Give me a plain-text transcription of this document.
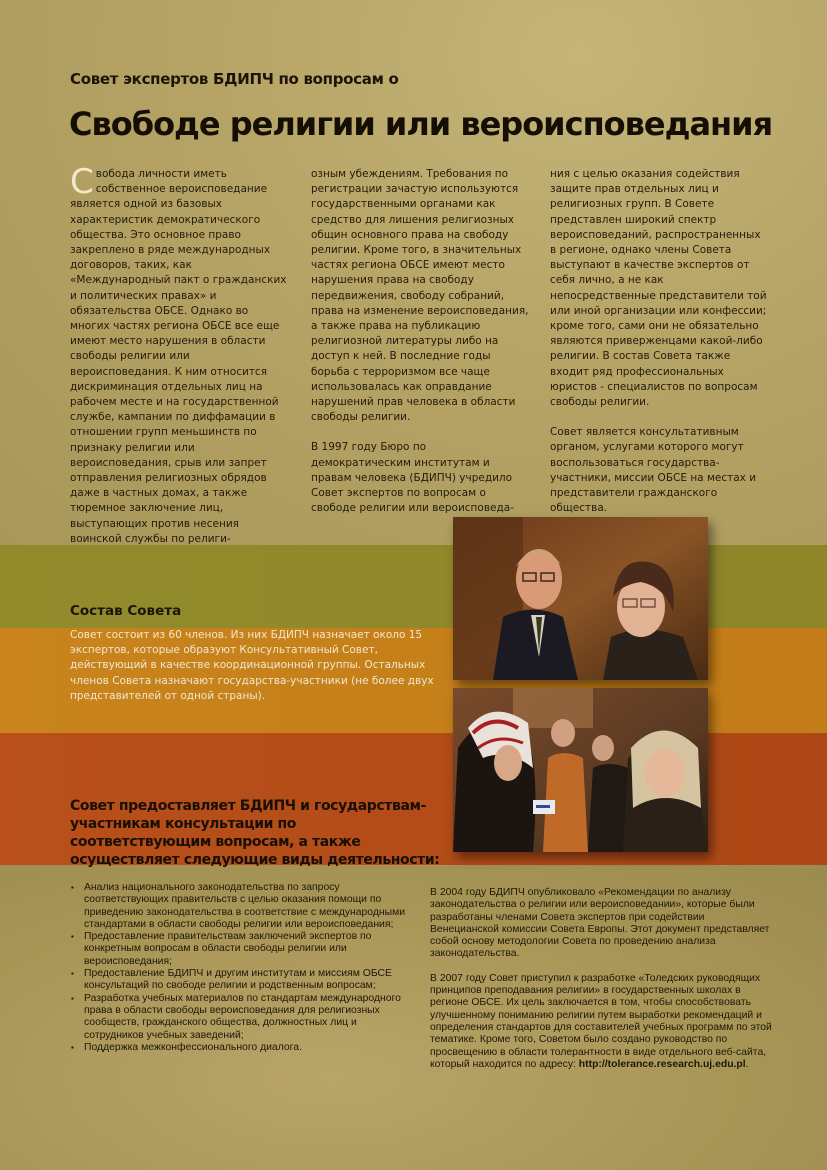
Совет экспертов БДИПЧ по вопросам о
Свободе религии или вероисповедания

Свобода личности иметь собственное вероисповедание является одной из базовых характеристик демократического общества. Это основное право закреплено в ряде международных договоров, таких, как «Международный пакт о гражданских и политических правах» и обязательства ОБСЕ. Однако во многих частях региона ОБСЕ все еще имеют место нарушения в области свободы религии или вероисповедания. К ним относится дискриминация отдельных лиц на рабочем месте и на государственной службе, кампании по диффамации в отношении групп меньшинств по признаку религии или вероисповедания, срыв или запрет отправления религиозных обрядов даже в частных домах, а также тюремное заключение лиц, выступающих против несения воинской службы по религи-

озным убеждениям. Требования по регистрации зачастую используются государственными органами как средство для лишения религиозных общин основного права на свободу религии. Кроме того, в значительных частях региона ОБСЕ имеют место нарушения права на свободу передвижения, свободу собраний, права на изменение вероисповедания, а также права на публикацию религиозной литературы либо на доступ к ней. В последние годы борьба с терроризмом все чаще использовалась как оправдание нарушений прав человека в области свободы религии.

В 1997 году Бюро по демократическим институтам и правам человека (БДИПЧ) учредило Совет экспертов по вопросам о свободе религии или вероисповеда-

ния с целью оказания содействия защите прав отдельных лиц и религиозных групп. В Совете представлен широкий спектр вероисповеданий, распространенных в регионе, однако члены Совета выступают в качестве экспертов от себя лично, а не как непосредственные представители той или иной организации или конфессии; кроме того, сами они не обязательно являются приверженцами какой-либо религии. В состав Совета также входит ряд профессиональных юристов - специалистов по вопросам свободы религии.

Совет является консультативным органом, услугами которого могут воспользоваться государства-участники, миссии ОБСЕ на местах и представители гражданского общества.

Состав Совета

Совет состоит из 60 членов. Из них БДИПЧ назначает около 15 экспертов, которые образуют Консультативный Совет, действующий в качестве координационной группы. Остальных членов Совета назначают государства-участники (не более двух представителей от одной страны).

Совет предоставляет БДИПЧ и государствам-участникам консультации по соответствующим вопросам, а также осуществляет следующие виды деятельности:

▪ Анализ национального законодательства по запросу соответствующих правительств с целью оказания помощи по приведению законодательства в соответствие с международными стандартами в области свободы религии или вероисповедания;
▪ Предоставление правительствам заключений экспертов по конкретным вопросам в области свободы религии или вероисповедания;
▪ Предоставление БДИПЧ и другим институтам и миссиям ОБСЕ консультаций по свободе религии и родственным вопросам;
▪ Разработка учебных материалов по стандартам международного права в области свободы вероисповедания для религиозных сообществ, гражданского общества, должностных лиц и сотрудников учебных заведений;
▪ Поддержка межконфессионального диалога.

В 2004 году БДИПЧ опубликовало «Рекомендации по анализу законодательства о религии или вероисповедании», которые были разработаны членами Совета экспертов при содействии Венецианской комиссии Совета Европы. Этот документ представляет собой основу методологии Совета по проведению анализа законодательства.

В 2007 году Совет приступил к разработке «Толедских руководящих принципов преподавания религии» в государственных школах в регионе ОБСЕ. Их цель заключается в том, чтобы способствовать улучшенному пониманию религии путем выработки рекомендаций и определения стандартов для составителей учебных программ по этой тематике. Кроме того, Советом было создано руководство по просвещению в области толерантности в виде отдельного веб-сайта, который находится по адресу: http://tolerance.research.uj.edu.pl.
